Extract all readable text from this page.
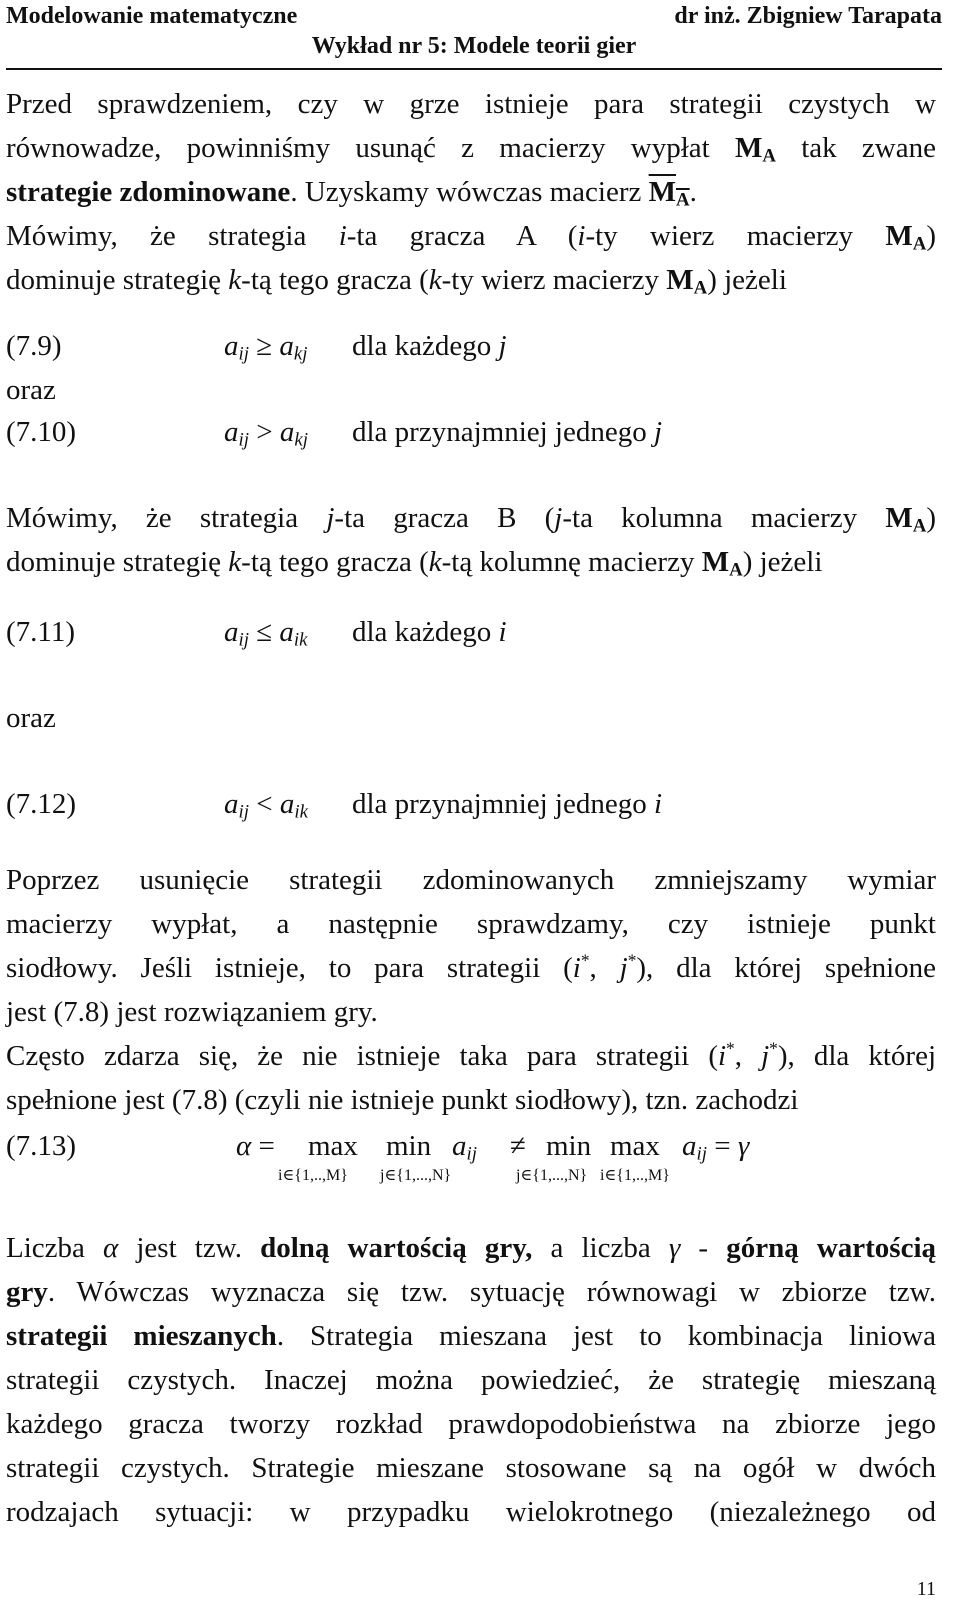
Modelowanie matematyczne	dr inż. Zbigniew Tarapata
Wykład nr 5: Modele teorii gier
Przed sprawdzeniem, czy w grze istnieje para strategii czystych w
równowadze, powinniśmy usunąć z macierzy wypłat $M_A$ tak zwane
strategie zdominowane. Uzyskamy wówczas macierz $M_A$.
Mówimy, że strategia i-ta gracza A (i-ty wierz macierzy $M_A$)
dominuje strategię k-tą tego gracza (k-ty wierz macierzy $M_A$) jeżeli
(7.9)	$a_{ij} \ge a_{kj}$ dla każdego j
oraz
(7.10)	$a_{ij} > a_{kj}$ dla przynajmniej jednego j
Mówimy, że strategia j-ta gracza B (j-ta kolumna macierzy $M_A$)
dominuje strategię k-tą tego gracza (k-tą kolumnę macierzy $M_A$) jeżeli
(7.11)	$a_{ij} \le a_{ik}$ dla każdego i
oraz
(7.12)	$a_{ij} < a_{ik}$ dla przynajmniej jednego i
Poprzez usunięcie strategii zdominowanych zmniejszamy wymiar
macierzy wypłat, a następnie sprawdzamy, czy istnieje punkt
siodłowy. Jeśli istnieje, to para strategii (i*, j*), dla której spełnione
jest (7.8) jest rozwiązaniem gry.
Często zdarza się, że nie istnieje taka para strategii (i*, j*), dla której
spełnione jest (7.8) (czyli nie istnieje punkt siodłowy), tzn. zachodzi
(7.13)	α = max
i∈{1,..,M}
min
j∈{1,...,N}
$a_{ij} \ne \min$
j∈{1,...,N}
max
i∈{1,..,M}
$a_{ij} = \gamma$
Liczba α jest tzw. dolną wartością gry, a liczba γ - górną wartością
gry. Wówczas wyznacza się tzw. sytuację równowagi w zbiorze tzw.
strategii mieszanych. Strategia mieszana jest to kombinacja liniowa
strategii czystych. Inaczej można powiedzieć, że strategię mieszaną
każdego gracza tworzy rozkład prawdopodobieństwa na zbiorze jego
strategii czystych. Strategie mieszane stosowane są na ogół w dwóch
rodzajach sytuacji: w przypadku wielokrotnego (niezależnego od
11
